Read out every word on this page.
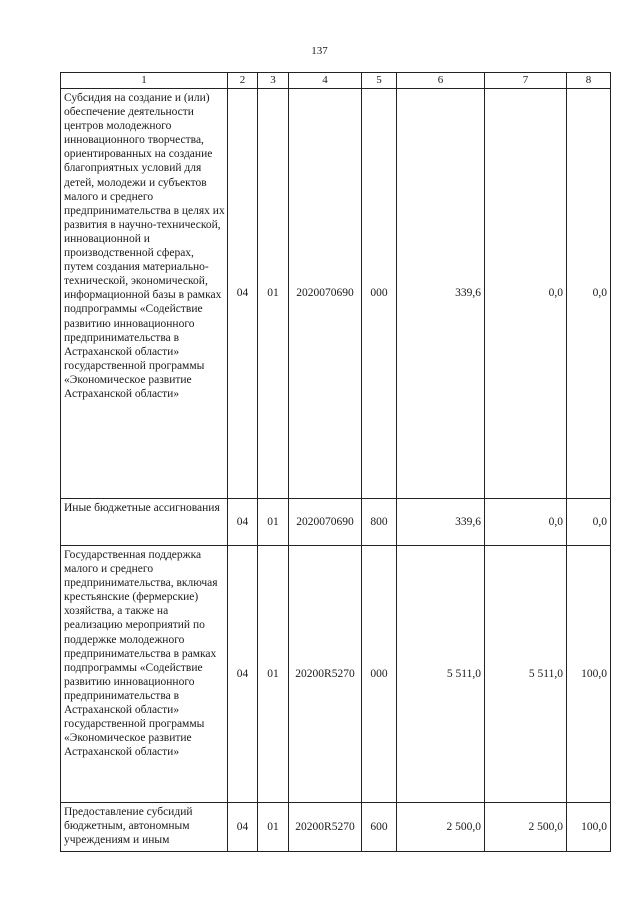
137
1	2	3	4	5	6	7	8
Субсидия на создание и (или) обеспечение деятельности центров молодежного инновационного творчества, ориентированных на создание благоприятных условий для детей, молодежи и субъектов малого и среднего предпринимательства в целях их развития в научно-технической, инновационной и производственной сферах, путем создания материально-технической, экономической, информационной базы в рамках подпрограммы «Содействие развитию инновационного предпринимательства в Астраханской области» государственной программы «Экономическое развитие Астраханской области»	04	01	2020070690	000	339,6	0,0	0,0
Иные бюджетные ассигнования	04	01	2020070690	800	339,6	0,0	0,0
Государственная поддержка малого и среднего предпринимательства, включая крестьянские (фермерские) хозяйства, а также на реализацию мероприятий по поддержке молодежного предпринимательства в рамках подпрограммы «Содействие развитию инновационного предпринимательства в Астраханской области» государственной программы «Экономическое развитие Астраханской области»	04	01	20200R5270	000	5 511,0	5 511,0	100,0
Предоставление субсидий бюджетным, автономным учреждениям и иным	04	01	20200R5270	600	2 500,0	2 500,0	100,0
